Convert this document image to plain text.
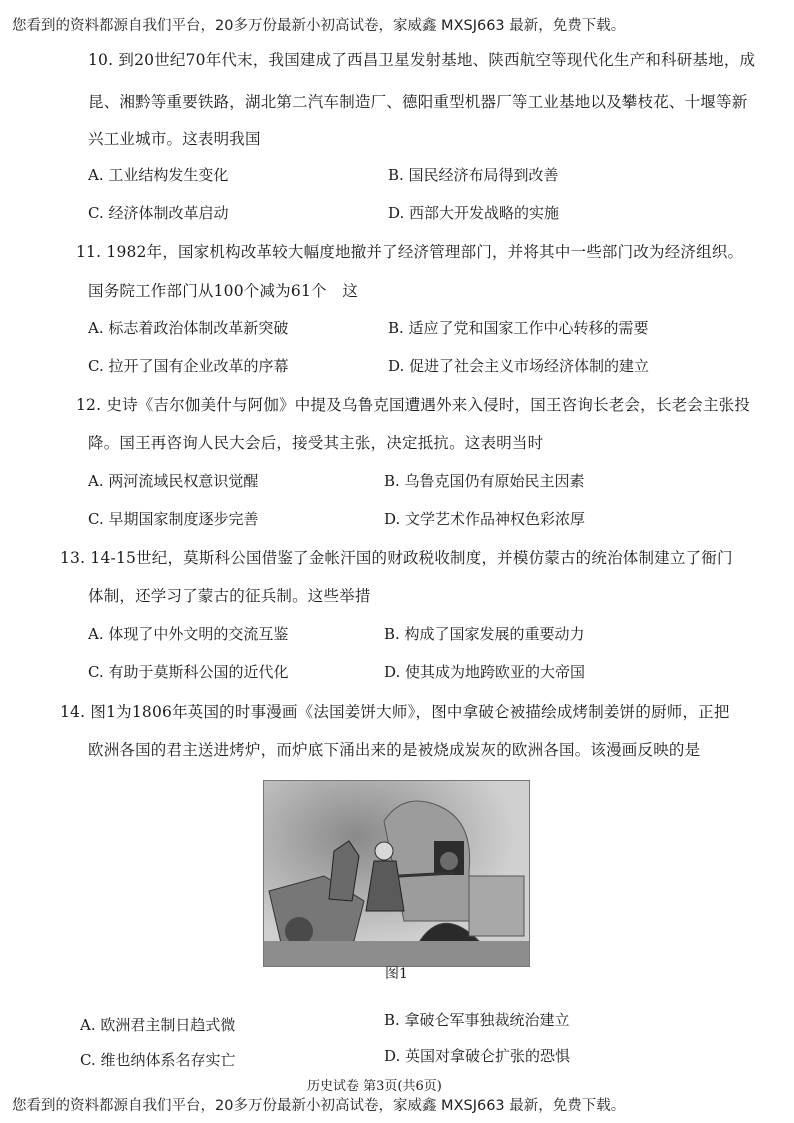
您看到的资料都源自我们平台，20多万份最新小初高试卷，家威鑫 MXSJ663 最新，免费下载。
10. 到20世纪70年代末，我国建成了西昌卫星发射基地、陕西航空等现代化生产和科研基地，成
昆、湘黔等重要铁路，湖北第二汽车制造厂、德阳重型机器厂等工业基地以及攀枝花、十堰等新
兴工业城市。这表明我国
A. 工业结构发生变化	B. 国民经济布局得到改善
C. 经济体制改革启动	D. 西部大开发战略的实施
11. 1982年，国家机构改革较大幅度地撤并了经济管理部门，并将其中一些部门改为经济组织。
国务院工作部门从100个减为61个　这
A. 标志着政治体制改革新突破	B. 适应了党和国家工作中心转移的需要
C. 拉开了国有企业改革的序幕	D. 促进了社会主义市场经济体制的建立
12. 史诗《吉尔伽美什与阿伽》中提及乌鲁克国遭遇外来入侵时，国王咨询长老会，长老会主张投
降。国王再咨询人民大会后，接受其主张，决定抵抗。这表明当时
A. 两河流域民权意识觉醒	B. 乌鲁克国仍有原始民主因素
C. 早期国家制度逐步完善	D. 文学艺术作品神权色彩浓厚
13. 14-15世纪，莫斯科公国借鉴了金帐汗国的财政税收制度，并模仿蒙古的统治体制建立了衙门
体制，还学习了蒙古的征兵制。这些举措
A. 体现了中外文明的交流互鉴	B. 构成了国家发展的重要动力
C. 有助于莫斯科公国的近代化	D. 使其成为地跨欧亚的大帝国
14. 图1为1806年英国的时事漫画《法国姜饼大师》，图中拿破仑被描绘成烤制姜饼的厨师，正把
欧洲各国的君主送进烤炉，而炉底下涌出来的是被烧成炭灰的欧洲各国。该漫画反映的是
图1
A. 欧洲君主制日趋式微	B. 拿破仑军事独裁统治建立
C. 维也纳体系名存实亡	D. 英国对拿破仑扩张的恐惧
历史试卷 第3页(共6页)
您看到的资料都源自我们平台，20多万份最新小初高试卷，家威鑫 MXSJ663 最新，免费下载。
